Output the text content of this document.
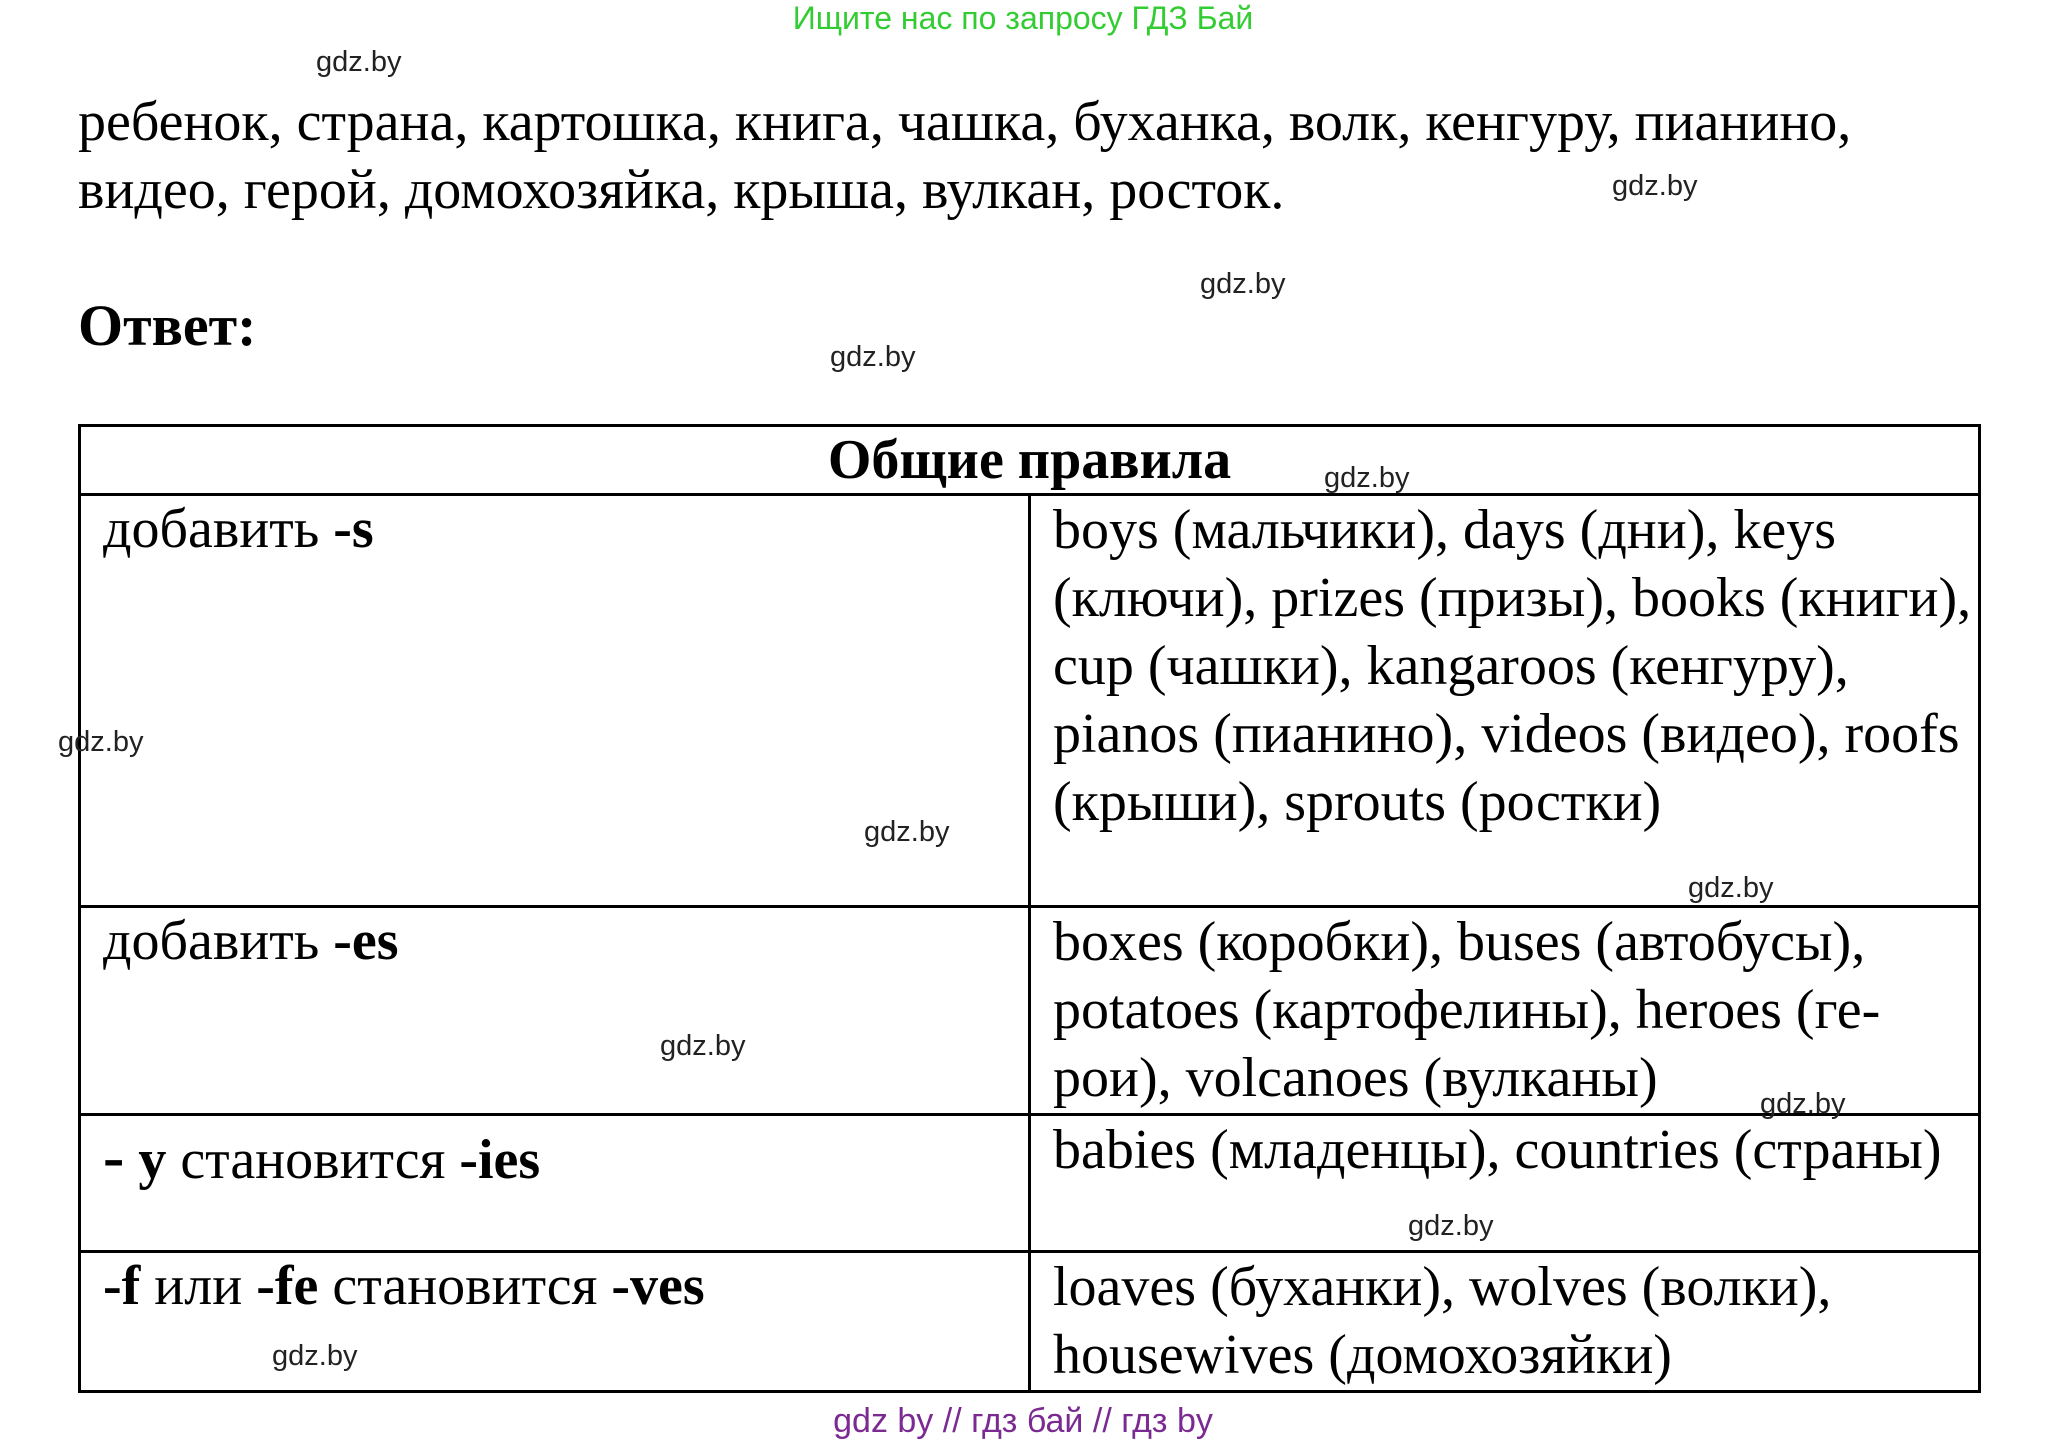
Ищите нас по запросу ГДЗ Бай

ребенок, страна, картошка, книга, чашка, буханка, волк, кенгуру, пианино,

видео, герой, домохозяйка, крыша, вулкан, росток.

Ответ:
Общие правила	
добавить -s	boys (мальчики), days (дни), keys (ключи), prizes (призы), books (книги), cup (чашки), kangaroos (кенгуру), pianos (пианино), videos (видео), roofs (крыши), sprouts (ростки)
добавить -es	boxes (коробки), buses (автобусы), potatoes (картофелины), heroes (ге-рои), volcanoes (вулканы)
- y становится -ies	babies (младенцы), countries (страны)
-f или -fe становится -ves	loaves (буханки), wolves (волки), housewives (домохозяйки)
gdz.by
gdz.by
gdz.by
gdz.by
gdz.by
gdz.by
gdz.by
gdz.by
gdz.by
gdz.by
gdz.by
gdz.by
gdz by // гдз бай // гдз by
